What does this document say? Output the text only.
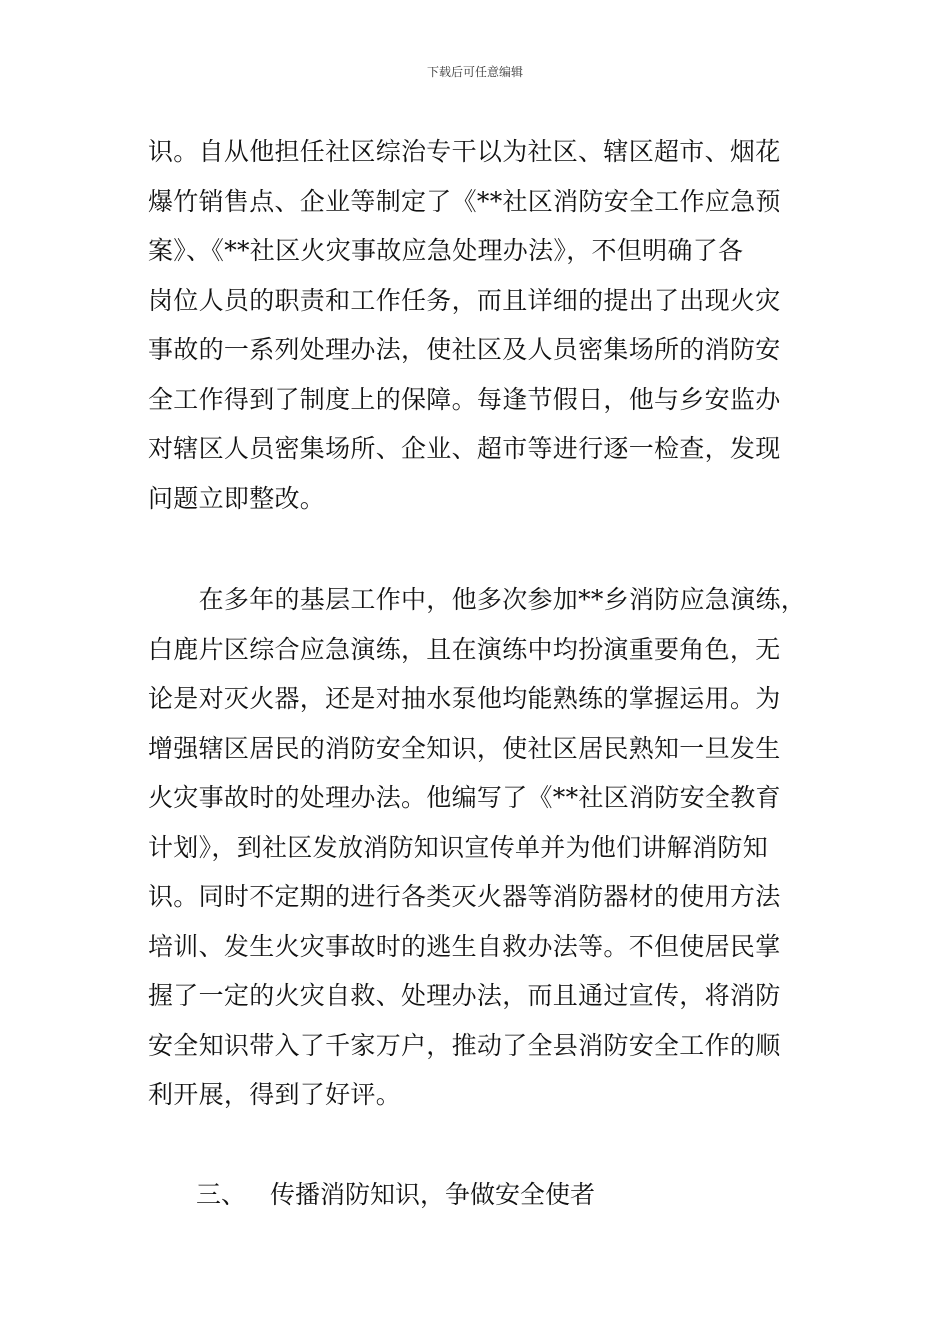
下载后可任意编辑
识。自从他担任社区综治专干以为社区、辖区超市、烟花
爆竹销售点、企业等制定了《**社区消防安全工作应急预
案》、《**社区火灾事故应急处理办法》，不但明确了各
岗位人员的职责和工作任务，而且详细的提出了出现火灾
事故的一系列处理办法，使社区及人员密集场所的消防安
全工作得到了制度上的保障。每逢节假日，他与乡安监办
对辖区人员密集场所、企业、超市等进行逐一检查，发现
问题立即整改。
　　在多年的基层工作中，他多次参加**乡消防应急演练，
白鹿片区综合应急演练，且在演练中均扮演重要角色，无
论是对灭火器，还是对抽水泵他均能熟练的掌握运用。为
增强辖区居民的消防安全知识，使社区居民熟知一旦发生
火灾事故时的处理办法。他编写了《**社区消防安全教育
计划》，到社区发放消防知识宣传单并为他们讲解消防知
识。同时不定期的进行各类灭火器等消防器材的使用方法
培训、发生火灾事故时的逃生自救办法等。不但使居民掌
握了一定的火灾自救、处理办法，而且通过宣传，将消防
安全知识带入了千家万户，推动了全县消防安全工作的顺
利开展，得到了好评。
三、 传播消防知识，争做安全使者
